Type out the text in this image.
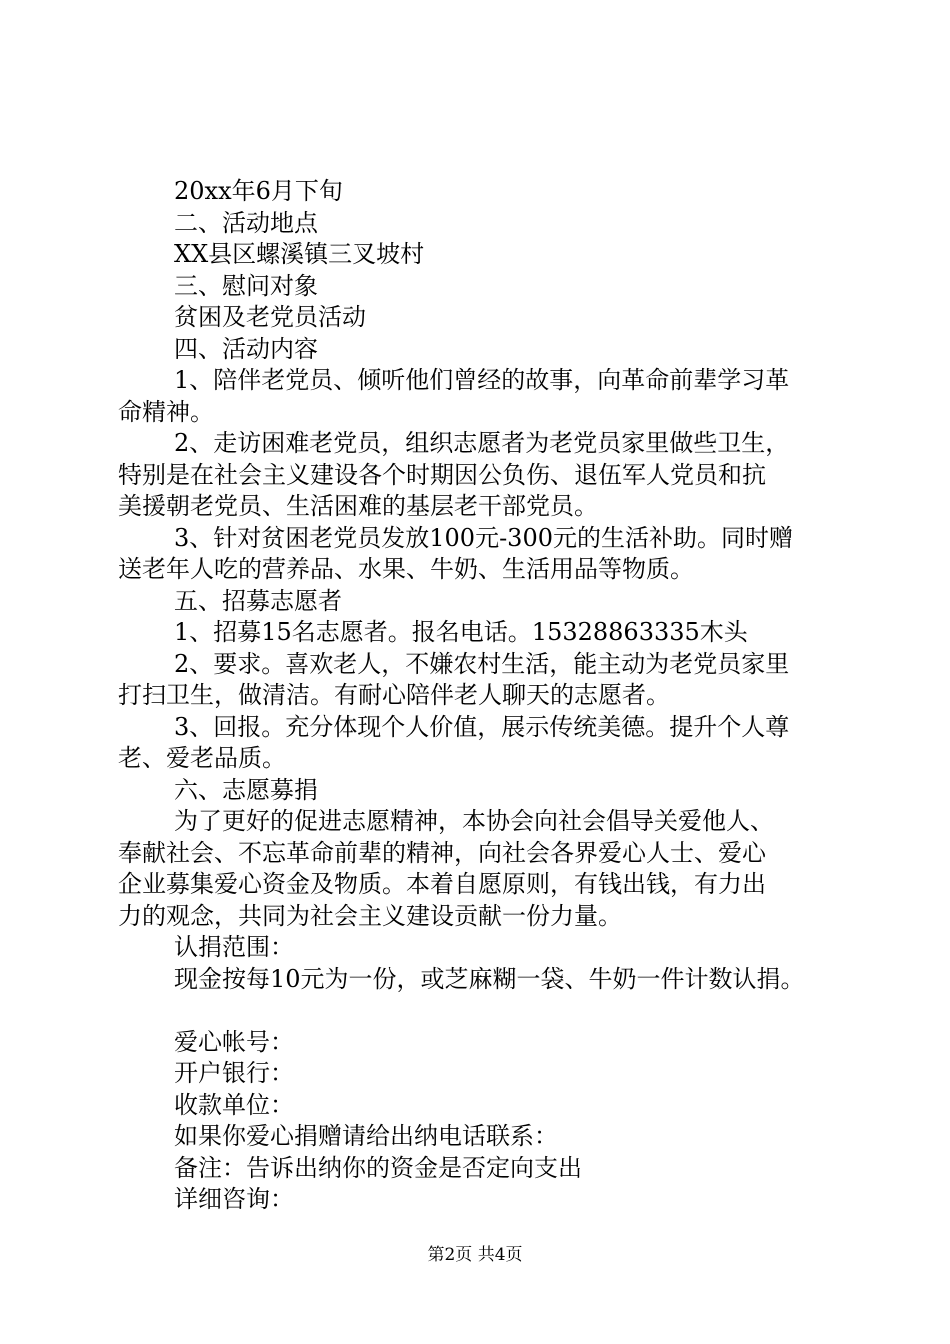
20xx年6月下旬
二、活动地点
XX县区螺溪镇三叉坡村
三、慰问对象
贫困及老党员活动
四、活动内容
1、陪伴老党员、倾听他们曾经的故事，向革命前辈学习革
命精神。
2、走访困难老党员，组织志愿者为老党员家里做些卫生，
特别是在社会主义建设各个时期因公负伤、退伍军人党员和抗
美援朝老党员、生活困难的基层老干部党员。
3、针对贫困老党员发放100元-300元的生活补助。同时赠
送老年人吃的营养品、水果、牛奶、生活用品等物质。
五、招募志愿者
1、招募15名志愿者。报名电话。15328863335木头
2、要求。喜欢老人，不嫌农村生活，能主动为老党员家里
打扫卫生，做清洁。有耐心陪伴老人聊天的志愿者。
3、回报。充分体现个人价值，展示传统美德。提升个人尊
老、爱老品质。
六、志愿募捐
为了更好的促进志愿精神，本协会向社会倡导关爱他人、
奉献社会、不忘革命前辈的精神，向社会各界爱心人士、爱心
企业募集爱心资金及物质。本着自愿原则，有钱出钱，有力出
力的观念，共同为社会主义建设贡献一份力量。
认捐范围：
现金按每10元为一份，或芝麻糊一袋、牛奶一件计数认捐。
爱心帐号：
开户银行：
收款单位：
如果你爱心捐赠请给出纳电话联系：
备注：告诉出纳你的资金是否定向支出
详细咨询：
第2页 共4页
